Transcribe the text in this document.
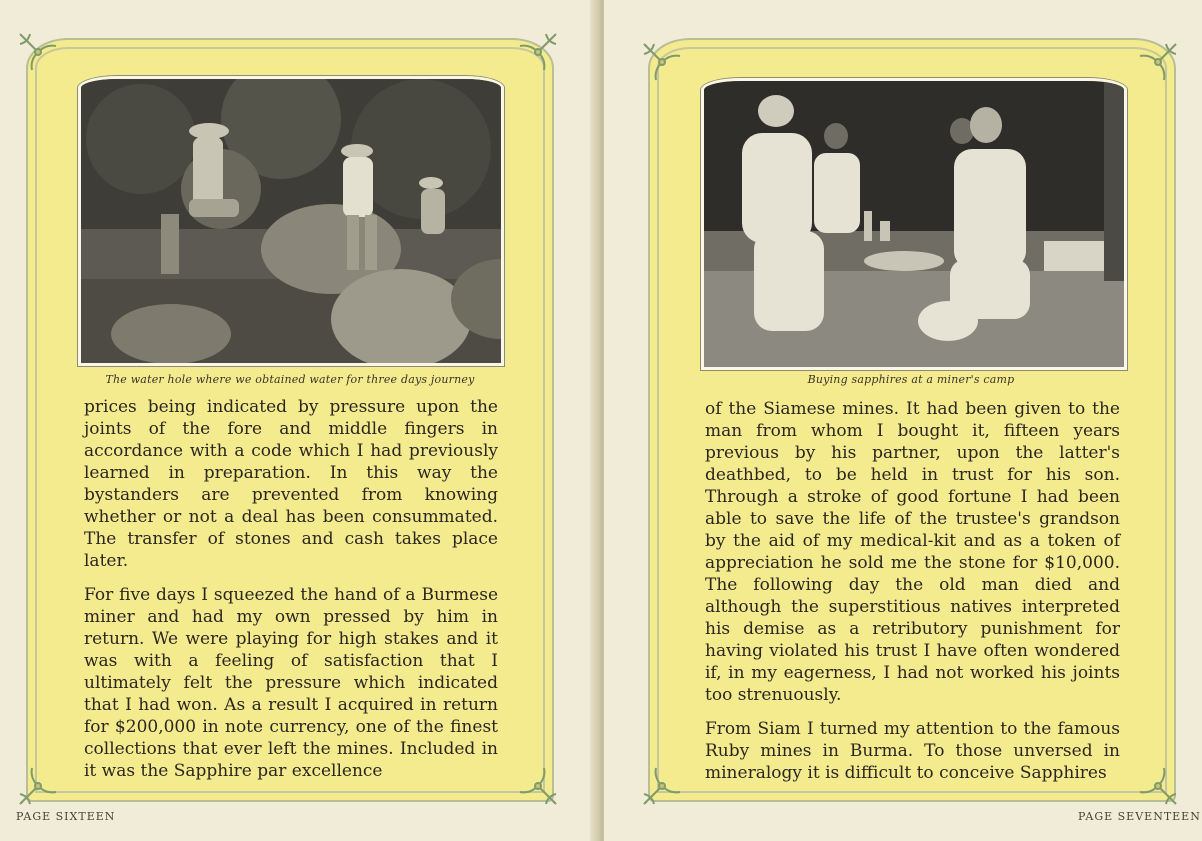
The water hole where we obtained water for three days journey

prices being indicated by pressure upon the joints of the fore and middle fingers in accordance with a code which I had previously learned in preparation. In this way the bystanders are prevented from knowing whether or not a deal has been consummated. The transfer of stones and cash takes place later.

For five days I squeezed the hand of a Burmese miner and had my own pressed by him in return. We were playing for high stakes and it was with a feeling of satisfaction that I ultimately felt the pressure which indicated that I had won. As a result I acquired in return for $200,000 in note currency, one of the finest collections that ever left the mines. Included in it was the Sapphire par excellence

PAGE SIXTEEN
Buying sapphires at a miner's camp

of the Siamese mines. It had been given to the man from whom I bought it, fifteen years previous by his partner, upon the latter's deathbed, to be held in trust for his son. Through a stroke of good fortune I had been able to save the life of the trustee's grandson by the aid of my medical-kit and as a token of appreciation he sold me the stone for $10,000. The following day the old man died and although the superstitious natives interpreted his demise as a retributory punishment for having violated his trust I have often wondered if, in my eagerness, I had not worked his joints too strenuously.

From Siam I turned my attention to the famous Ruby mines in Burma. To those unversed in mineralogy it is difficult to conceive Sapphires

PAGE SEVENTEEN
